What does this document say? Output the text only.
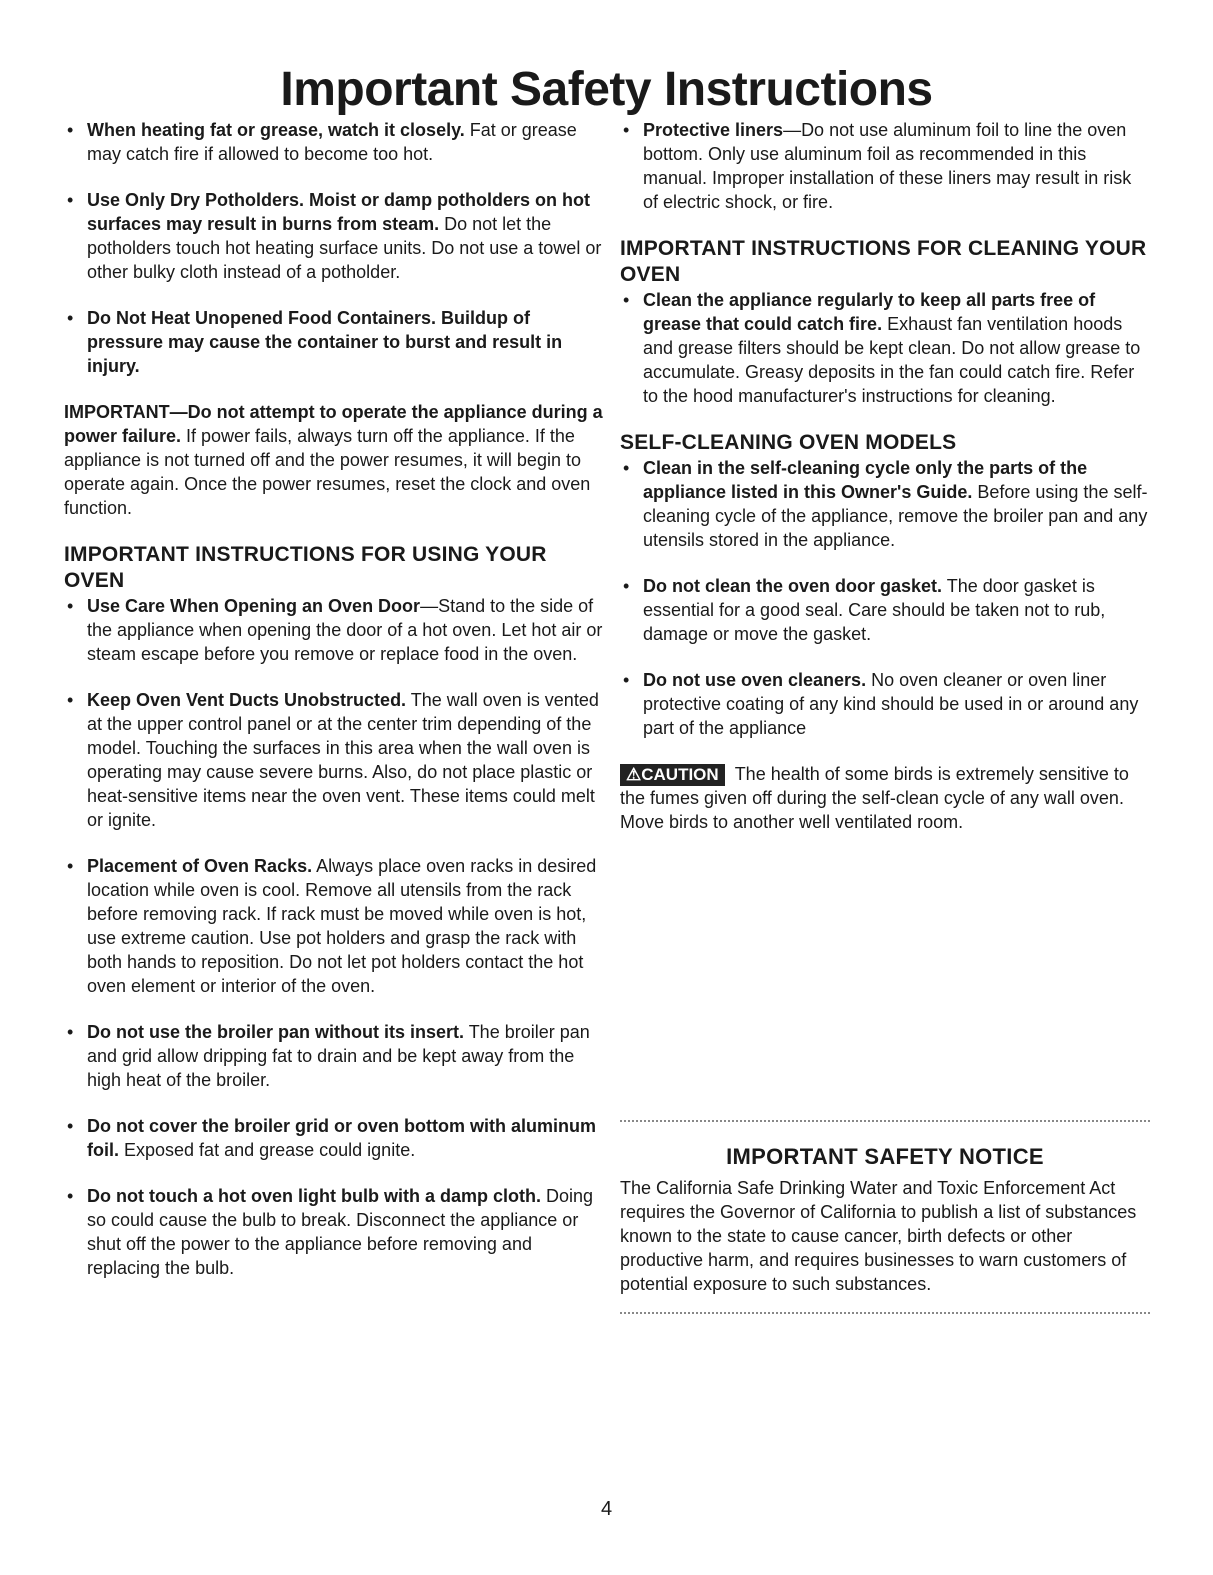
Important Safety Instructions

• When heating fat or grease, watch it closely. Fat or grease may catch fire if allowed to become too hot.

• Use Only Dry Potholders. Moist or damp potholders on hot surfaces may result in burns from steam. Do not let the potholders touch hot heating surface units. Do not use a towel or other bulky cloth instead of a potholder.

• Do Not Heat Unopened Food Containers. Buildup of pressure may cause the container to burst and result in injury.

IMPORTANT—Do not attempt to operate the appliance during a power failure. If power fails, always turn off the appliance. If the appliance is not turned off and the power resumes, it will begin to operate again. Once the power resumes, reset the clock and oven function.

IMPORTANT INSTRUCTIONS FOR USING YOUR OVEN

• Use Care When Opening an Oven Door—Stand to the side of the appliance when opening the door of a hot oven. Let hot air or steam escape before you remove or replace food in the oven.

• Keep Oven Vent Ducts Unobstructed. The wall oven is vented at the upper control panel or at the center trim depending of the model. Touching the surfaces in this area when the wall oven is operating may cause severe burns. Also, do not place plastic or heat-sensitive items near the oven vent. These items could melt or ignite.

• Placement of Oven Racks. Always place oven racks in desired location while oven is cool. Remove all utensils from the rack before removing rack. If rack must be moved while oven is hot, use extreme caution. Use pot holders and grasp the rack with both hands to reposition. Do not let pot holders contact the hot oven element or interior of the oven.

• Do not use the broiler pan without its insert. The broiler pan and grid allow dripping fat to drain and be kept away from the high heat of the broiler.

• Do not cover the broiler grid or oven bottom with aluminum foil. Exposed fat and grease could ignite.

• Do not touch a hot oven light bulb with a damp cloth. Doing so could cause the bulb to break. Disconnect the appliance or shut off the power to the appliance before removing and replacing the bulb.

• Protective liners—Do not use aluminum foil to line the oven bottom. Only use aluminum foil as recommended in this manual. Improper installation of these liners may result in risk of electric shock, or fire.

IMPORTANT INSTRUCTIONS FOR CLEANING YOUR OVEN

• Clean the appliance regularly to keep all parts free of grease that could catch fire. Exhaust fan ventilation hoods and grease filters should be kept clean. Do not allow grease to accumulate. Greasy deposits in the fan could catch fire. Refer to the hood manufacturer's instructions for cleaning.

SELF-CLEANING OVEN MODELS

• Clean in the self-cleaning cycle only the parts of the appliance listed in this Owner's Guide. Before using the self-cleaning cycle of the appliance, remove the broiler pan and any utensils stored in the appliance.

• Do not clean the oven door gasket. The door gasket is essential for a good seal. Care should be taken not to rub, damage or move the gasket.

• Do not use oven cleaners. No oven cleaner or oven liner protective coating of any kind should be used in or around any part of the appliance

⚠CAUTION The health of some birds is extremely sensitive to the fumes given off during the self-clean cycle of any wall oven. Move birds to another well ventilated room.

IMPORTANT SAFETY NOTICE

The California Safe Drinking Water and Toxic Enforcement Act requires the Governor of California to publish a list of substances known to the state to cause cancer, birth defects or other productive harm, and requires businesses to warn customers of potential exposure to such substances.

4
